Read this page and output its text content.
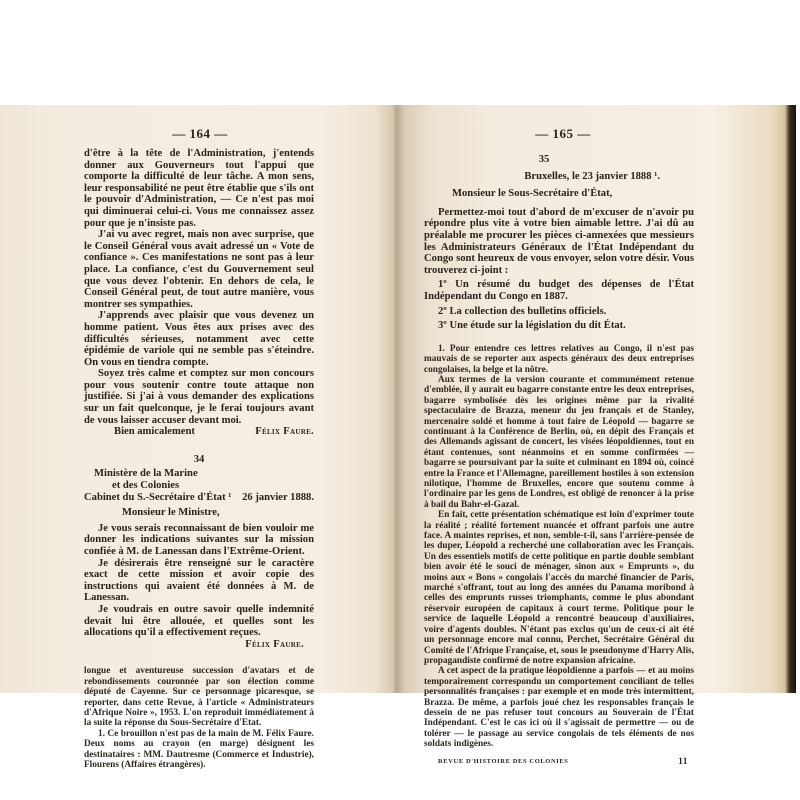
— 164 —

d'être à la tête de l'Administration, j'entends donner aux Gouverneurs tout l'appui que comporte la difficulté de leur tâche. A mon sens, leur responsabilité ne peut être établie que s'ils ont le pouvoir d'Administration, — Ce n'est pas moi qui diminuerai celui-ci. Vous me connaissez assez pour que je n'insiste pas.

J'ai vu avec regret, mais non avec surprise, que le Conseil Général vous avait adressé un « Vote de confiance ». Ces manifestations ne sont pas à leur place. La confiance, c'est du Gouvernement seul que vous devez l'obtenir. En dehors de cela, le Conseil Général peut, de tout autre manière, vous montrer ses sympathies.

J'apprends avec plaisir que vous devenez un homme patient. Vous êtes aux prises avec des difficultés sérieuses, notamment avec cette épidémie de variole qui ne semble pas s'éteindre. On vous en tiendra compte.

Soyez très calme et comptez sur mon concours pour vous soutenir contre toute attaque non justifiée. Si j'ai à vous demander des explications sur un fait quelconque, je le ferai toujours avant de vous laisser accuser devant moi.

Bien amicalement	Félix Faure.
34
Ministère de la Marine
et des Colonies
Cabinet du S.-Secrétaire d'État ¹ 26 janvier 1888.
Monsieur le Ministre,

Je vous serais reconnaissant de bien vouloir me donner les indications suivantes sur la mission confiée à M. de Lanessan dans l'Extrême-Orient.

Je désirerais être renseigné sur le caractère exact de cette mission et avoir copie des instructions qui avaient été données à M. de Lanessan.

Je voudrais en outre savoir quelle indemnité devait lui être allouée, et quelles sont les allocations qu'il a effectivement reçues.

Félix Faure.

longue et aventureuse succession d'avatars et de rebondissements couronnée par son élection comme député de Cayenne. Sur ce personnage picaresque, se reporter, dans cette Revue, à l'article « Administrateurs d'Afrique Noire », 1953. L'on reproduit immédiatement à la suite la réponse du Sous-Secrétaire d'Etat.

1. Ce brouillon n'est pas de la main de M. Félix Faure. Deux noms au crayon (en marge) désignent les destinataires : MM. Dautresme (Commerce et Industrie), Flourens (Affaires étrangères).

— 165 —
35
Bruxelles, le 23 janvier 1888 ¹.
Monsieur le Sous-Secrétaire d'État,

Permettez-moi tout d'abord de m'excuser de n'avoir pu répondre plus vite à votre bien aimable lettre. J'ai dû au préalable me procurer les pièces ci-annexées que messieurs les Administrateurs Généraux de l'État Indépendant du Congo sont heureux de vous envoyer, selon votre désir. Vous trouverez ci-joint :

1º Un résumé du budget des dépenses de l'État Indépendant du Congo en 1887.

2º La collection des bulletins officiels.

3º Une étude sur la législation du dit État.

1. Pour entendre ces lettres relatives au Congo, il n'est pas mauvais de se reporter aux aspects généraux des deux entreprises congolaises, la belge et la nôtre.

Aux termes de la version courante et communément retenue d'emblée, il y aurait eu bagarre constante entre les deux entreprises, bagarre symbolisée dès les origines même par la rivalité spectaculaire de Brazza, meneur du jeu français et de Stanley, mercenaire soldé et homme à tout faire de Léopold — bagarre se continuant à la Conférence de Berlin, où, en dépit des Français et des Allemands agissant de concert, les visées léopoldiennes, tout en étant contenues, sont néanmoins et en somme confirmées — bagarre se poursuivant par la suite et culminant en 1894 où, coincé entre la France et l'Allemagne, pareillement hostiles à son extension nilotique, l'homme de Bruxelles, encore que soutenu comme à l'ordinaire par les gens de Londres, est obligé de renoncer à la prise à bail du Bahr-el-Gazal.

En fait, cette présentation schématique est loin d'exprimer toute la réalité ; réalité fortement nuancée et offrant parfois une autre face. A maintes reprises, et non, semble-t-il, sans l'arrière-pensée de les duper, Léopold a recherché une collaboration avec les Français. Un des essentiels motifs de cette politique en partie double semblant bien avoir été le souci de ménager, sinon aux « Emprunts », du moins aux « Bons » congolais l'accès du marché financier de Paris, marché s'offrant, tout au long des années du Panama moribond à celles des emprunts russes triomphants, comme le plus abondant réservoir européen de capitaux à court terme. Politique pour le service de laquelle Léopold a rencontré beaucoup d'auxiliaires, voire d'agents doubles. N'étant pas exclus qu'un de ceux-ci ait été un personnage encore mal connu, Perchet, Secrétaire Général du Comité de l'Afrique Française, et, sous le pseudonyme d'Harry Alis, propagandiste confirmé de notre expansion africaine.

A cet aspect de la pratique léopoldienne a parfois — et au moins temporairement correspondu un comportement conciliant de telles personnalités françaises : par exemple et en mode très intermittent, Brazza. De même, a parfois joué chez les responsables français le dessein de ne pas refuser tout concours au Souverain de l'État Indépendant. C'est le cas ici où il s'agissait de permettre — ou de tolérer — le passage au service congolais de tels éléments de nos soldats indigènes.

REVUE D'HISTOIRE DES COLONIES	11
